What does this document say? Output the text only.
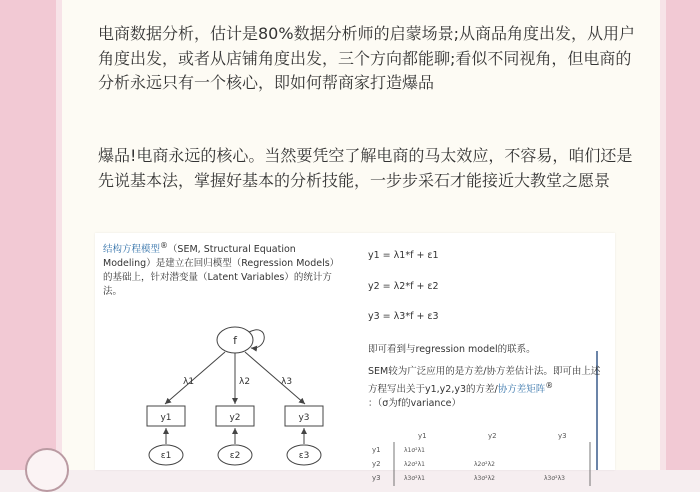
电商数据分析，估计是80%数据分析师的启蒙场景;从商品角度出发，从用户角度出发，或者从店铺角度出发，三个方向都能聊;看似不同视角，但电商的分析永远只有一个核心，即如何帮商家打造爆品

爆品!电商永远的核心。当然要凭空了解电商的马太效应，不容易，咱们还是先说基本法，掌握好基本的分析技能，一步步采石才能接近大教堂之愿景

结构方程模型®（SEM, Structural Equation Modeling）是建立在回归模型（Regression Models）的基础上，针对潜变量（Latent Variables）的统计方法。
f
λ1	λ2	λ3
y1	y2	y3
ε1	ε2	ε3
y1 = λ1*f + ε1
y2 = λ2*f + ε2
y3 = λ3*f + ε3
即可看到与regression model的联系。
SEM较为广泛应用的是方差/协方差估计法。即可由上述方程写出关于y1,y2,y3的方差/协方差矩阵®
：（σ为f的variance）
y1	y2	y3
y1	λ1σ²λ1
y2	λ2σ²λ1	λ2σ²λ2
y3	λ3σ²λ1	λ3σ²λ2	λ3σ²λ3
